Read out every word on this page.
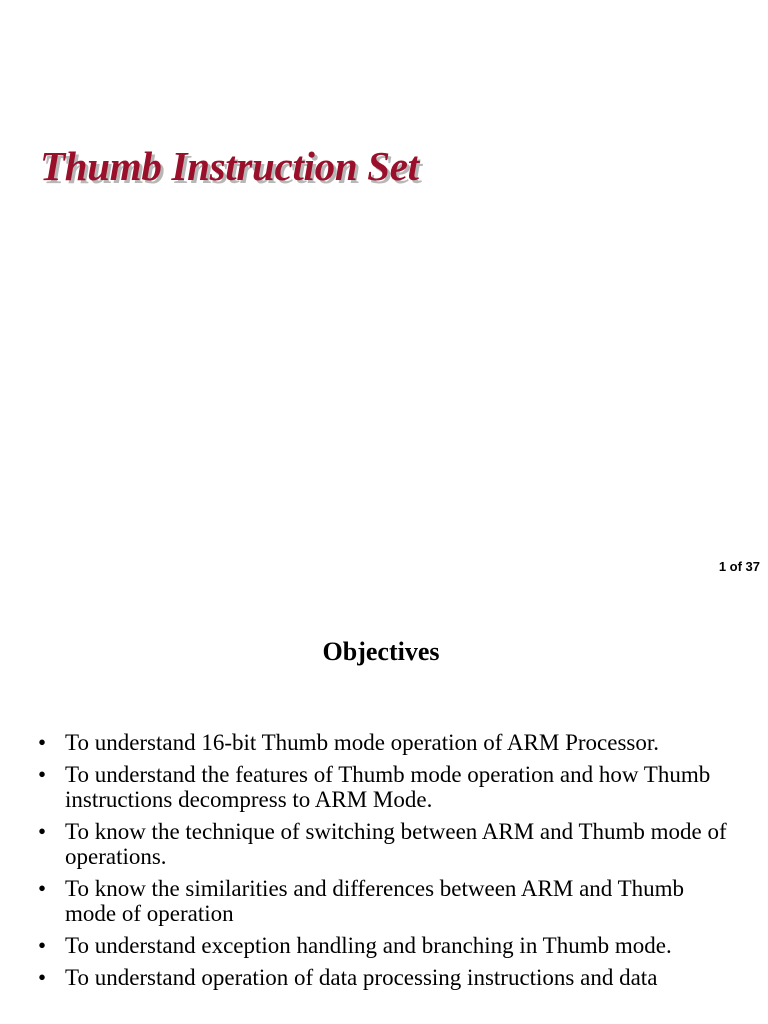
Thumb Instruction Set
1 of 37
Objectives
• To understand 16-bit Thumb mode operation of ARM Processor.
• To understand the features of Thumb mode operation and how Thumb instructions decompress to ARM Mode.
• To know the technique of switching between ARM and Thumb mode of operations.
• To know the similarities and differences between ARM and Thumb mode of operation
• To understand exception handling and branching in Thumb mode.
• To understand operation of data processing instructions and data
